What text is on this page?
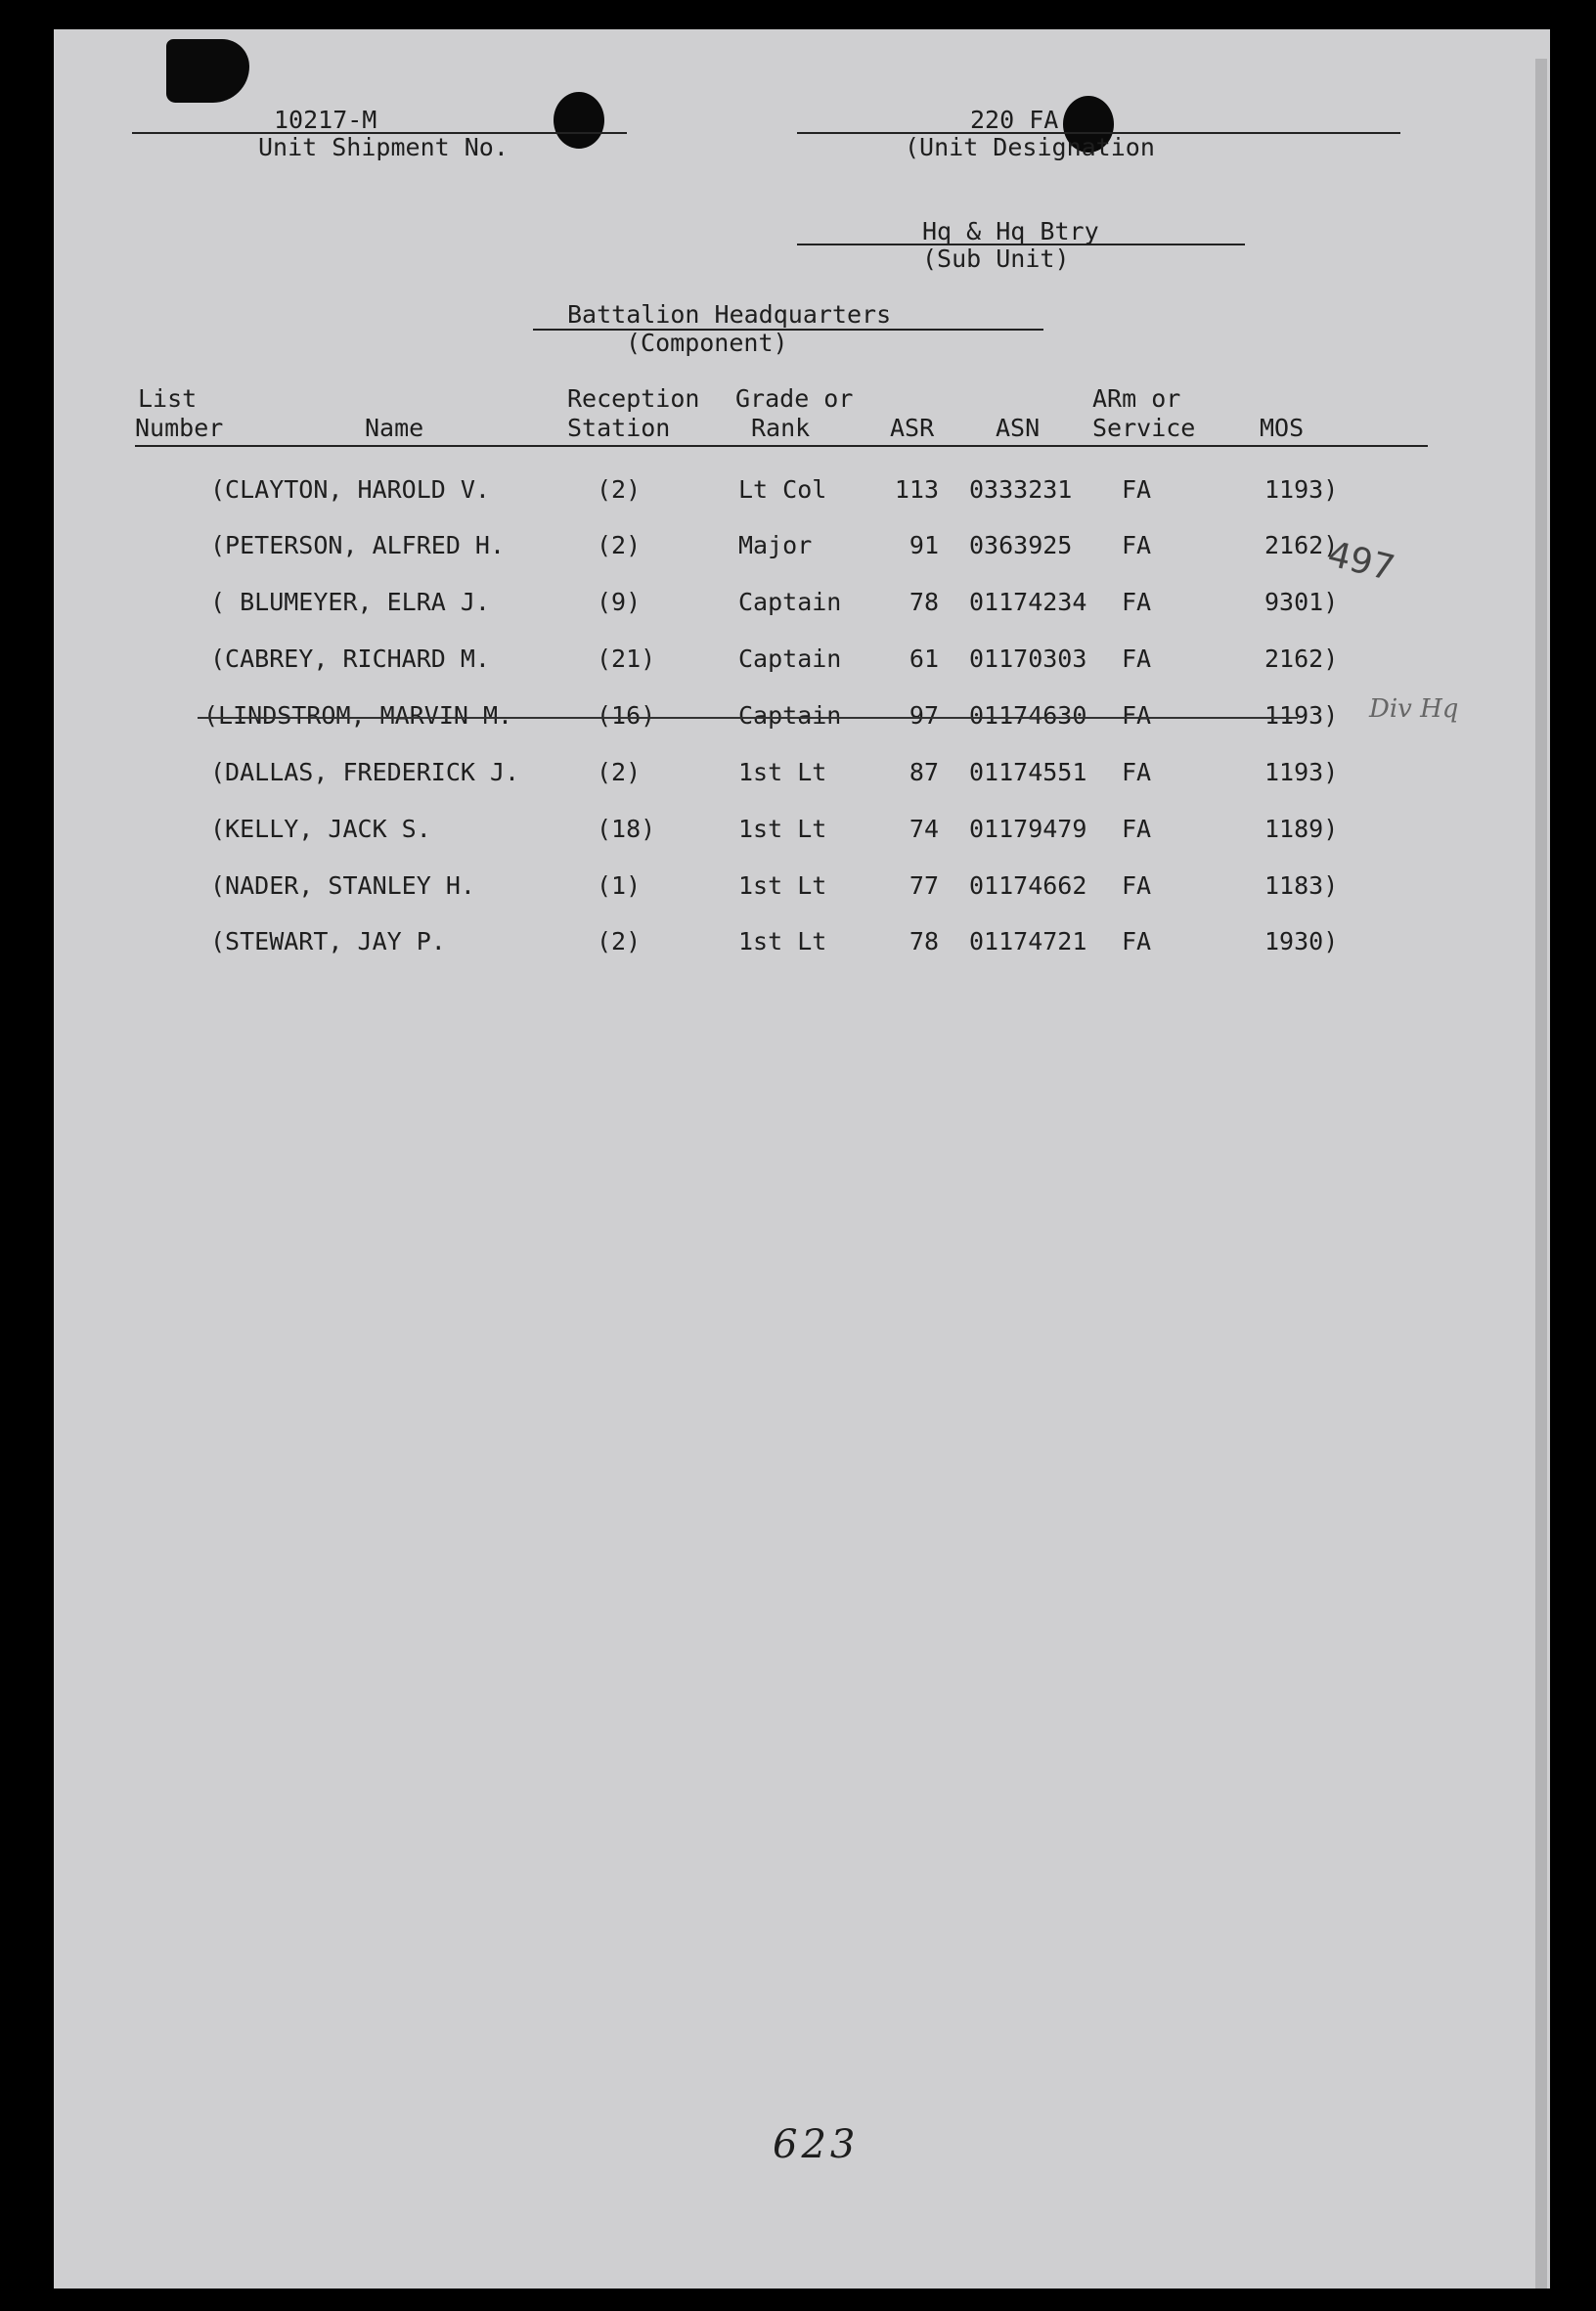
10217-M
Unit Shipment No.
220 FA
(Unit Designation
Hq & Hq Btry
(Sub Unit)
Battalion Headquarters
(Component)
List
Number	Name
Reception
Station
Grade or
Rank	ASR	ASN
ARm or
Service	MOS
(CLAYTON, HAROLD V.	(2)	Lt Col	113 0333231 FA	1193)
(PETERSON, ALFRED H.	(2)	Major	91 0363925 FA	2162)
( BLUMEYER, ELRA J.	(9)	Captain	78 01174234 FA	9301)
(CABREY, RICHARD M.	(21)	Captain	61 01170303 FA	2162)
(LINDSTROM, MARVIN M.	(16)	Captain	97 01174630 FA	1193)
(DALLAS, FREDERICK J.	(2)	1st Lt	87 01174551 FA	1193)
(KELLY, JACK S.	(18)	1st Lt	74 01179479 FA	1189)
(NADER, STANLEY H.	(1)	1st Lt	77 01174662 FA	1183)
(STEWART, JAY P.	(2)	1st Lt	78 01174721 FA	1930)
497
Div Hq
623
